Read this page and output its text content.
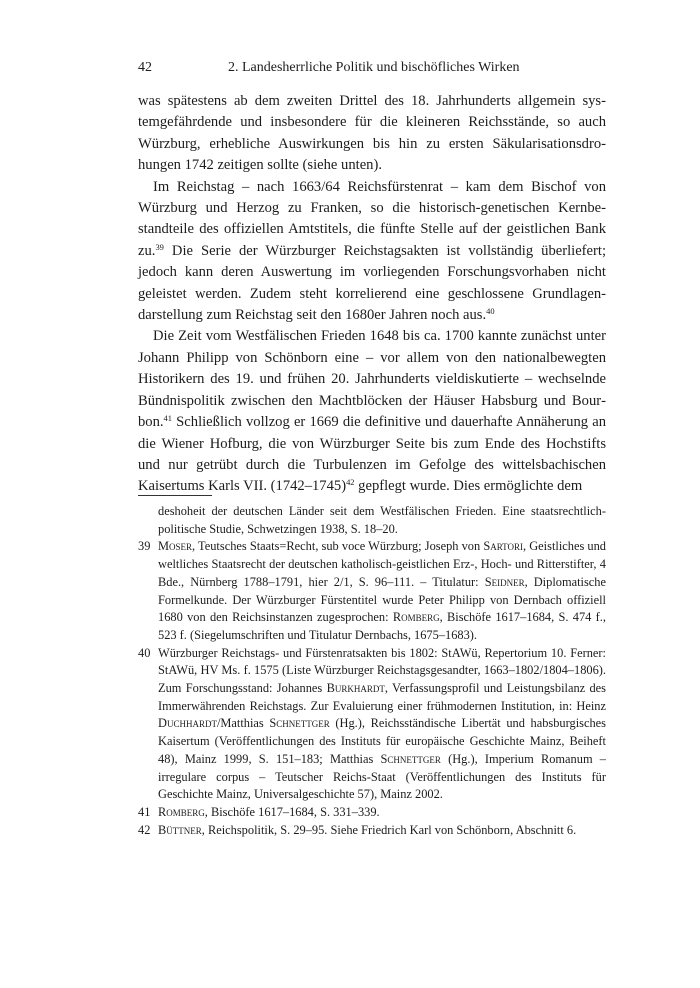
42	2. Landesherrliche Politik und bischöfliches Wirken

was spätestens ab dem zweiten Drittel des 18. Jahrhunderts allgemein systemgefährdende und insbesondere für die kleineren Reichsstände, so auch Würzburg, erhebliche Auswirkungen bis hin zu ersten Säkularisationsdrohungen 1742 zeitigen sollte (siehe unten).

Im Reichstag – nach 1663/64 Reichsfürstenrat – kam dem Bischof von Würzburg und Herzog zu Franken, so die historisch-genetischen Kernbestandteile des offiziellen Amtstitels, die fünfte Stelle auf der geistlichen Bank zu.$^{39}$ Die Serie der Würzburger Reichstagsakten ist vollständig überliefert; jedoch kann deren Auswertung im vorliegenden Forschungsvorhaben nicht geleistet werden. Zudem steht korrelierend eine geschlossene Grundlagendarstellung zum Reichstag seit den 1680er Jahren noch aus.$^{40}$

Die Zeit vom Westfälischen Frieden 1648 bis ca. 1700 kannte zunächst unter Johann Philipp von Schönborn eine – vor allem von den nationalbewegten Historikern des 19. und frühen 20. Jahrhunderts vieldiskutierte – wechselnde Bündnispolitik zwischen den Machtblöcken der Häuser Habsburg und Bourbon.$^{41}$ Schließlich vollzog er 1669 die definitive und dauerhafte Annäherung an die Wiener Hofburg, die von Würzburger Seite bis zum Ende des Hochstifts und nur getrübt durch die Turbulenzen im Gefolge des wittelsbachischen Kaisertums Karls VII. (1742–1745)$^{42}$ gepflegt wurde. Dies ermöglichte dem

deshoheit der deutschen Länder seit dem Westfälischen Frieden. Eine staatsrechtlich-politische Studie, Schwetzingen 1938, S. 18–20.
39 Moser, Teutsches Staats=Recht, sub voce Würzburg; Joseph von Sartori, Geistliches und weltliches Staatsrecht der deutschen katholisch-geistlichen Erz-, Hoch- und Ritterstifter, 4 Bde., Nürnberg 1788–1791, hier 2/1, S. 96–111. – Titulatur: Seidner, Diplomatische Formelkunde. Der Würzburger Fürstentitel wurde Peter Philipp von Dernbach offiziell 1680 von den Reichsinstanzen zugesprochen: Romberg, Bischöfe 1617–1684, S. 474 f., 523 f. (Siegelumschriften und Titulatur Dernbachs, 1675–1683).
40 Würzburger Reichstags- und Fürstenratsakten bis 1802: StAWü, Repertorium 10. Ferner: StAWü, HV Ms. f. 1575 (Liste Würzburger Reichstagsgesandter, 1663–1802/1804–1806). Zum Forschungsstand: Johannes Burkhardt, Verfassungsprofil und Leistungsbilanz des Immerwährenden Reichstags. Zur Evaluierung einer frühmodernen Institution, in: Heinz Duchhardt/Matthias Schnettger (Hg.), Reichsständische Libertät und habsburgisches Kaisertum (Veröffentlichungen des Instituts für europäische Geschichte Mainz, Beiheft 48), Mainz 1999, S. 151–183; Matthias Schnettger (Hg.), Imperium Romanum – irregulare corpus – Teutscher Reichs-Staat (Veröffentlichungen des Instituts für Geschichte Mainz, Universalgeschichte 57), Mainz 2002.
41 Romberg, Bischöfe 1617–1684, S. 331–339.
42 Büttner, Reichspolitik, S. 29–95. Siehe Friedrich Karl von Schönborn, Abschnitt 6.
